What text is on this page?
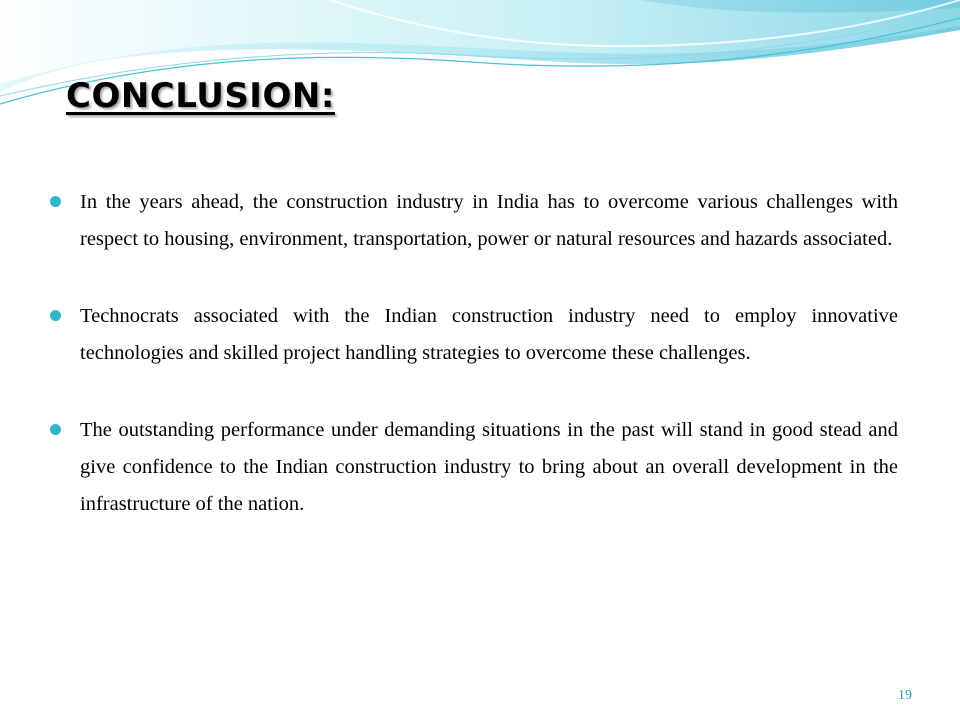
CONCLUSION:
In the years ahead, the construction industry in India has to overcome various challenges with respect to housing, environment, transportation, power or natural resources and hazards associated.
Technocrats associated with the Indian construction industry need to employ innovative technologies and skilled project handling strategies to overcome these challenges.
The outstanding performance under demanding situations in the past will stand in good stead and give confidence to the Indian construction industry to bring about an overall development in the infrastructure of the nation.
19
